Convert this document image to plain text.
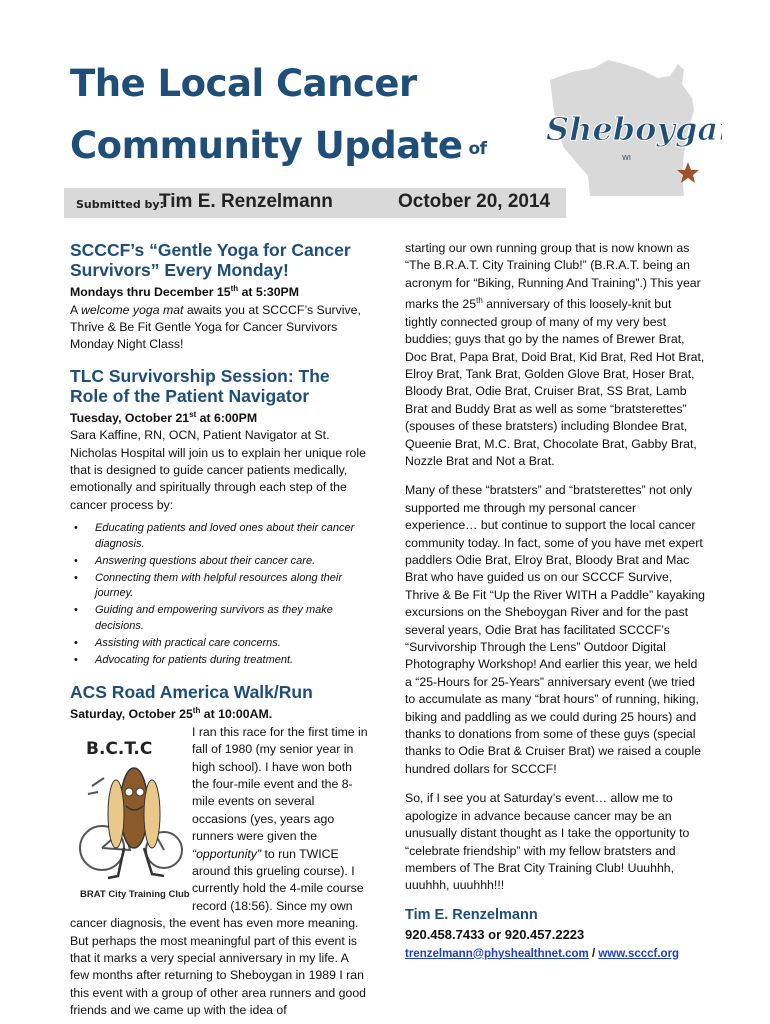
The Local Cancer
Community Update of
Sheboygan
WI
Submitted by:
Tim E. Renzelmann	October 20, 2014
SCCCF’s “Gentle Yoga for Cancer Survivors” Every Monday!
Mondays thru December 15th at 5:30PM

A welcome yoga mat awaits you at SCCCF’s Survive, Thrive & Be Fit Gentle Yoga for Cancer Survivors Monday Night Class!

TLC Survivorship Session: The Role of the Patient Navigator
Tuesday, October 21st at 6:00PM

Sara Kaffine, RN, OCN, Patient Navigator at St. Nicholas Hospital will join us to explain her unique role that is designed to guide cancer patients medically, emotionally and spiritually through each step of the cancer process by:

• Educating patients and loved ones about their cancer diagnosis.
• Answering questions about their cancer care.
• Connecting them with helpful resources along their journey.
• Guiding and empowering survivors as they make decisions.
• Assisting with practical care concerns.
• Advocating for patients during treatment.
ACS Road America Walk/Run
Saturday, October 25th at 10:00AM.
B.C.T.C
BRAT City Training Club

I ran this race for the first time in fall of 1980 (my senior year in high school). I have won both the four-mile event and the 8-mile events on several occasions (yes, years ago runners were given the “opportunity” to run TWICE around this grueling course). I currently hold the 4-mile course record (18:56). Since my own cancer diagnosis, the event has even more meaning. But perhaps the most meaningful part of this event is that it marks a very special anniversary in my life. A few months after returning to Sheboygan in 1989 I ran this event with a group of other area runners and good friends and we came up with the idea of

starting our own running group that is now known as “The B.R.A.T. City Training Club!” (B.R.A.T. being an acronym for “Biking, Running And Training”.) This year marks the 25th anniversary of this loosely-knit but tightly connected group of many of my very best buddies; guys that go by the names of Brewer Brat, Doc Brat, Papa Brat, Doid Brat, Kid Brat, Red Hot Brat, Elroy Brat, Tank Brat, Golden Glove Brat, Hoser Brat, Bloody Brat, Odie Brat, Cruiser Brat, SS Brat, Lamb Brat and Buddy Brat as well as some “bratsterettes” (spouses of these bratsters) including Blondee Brat, Queenie Brat, M.C. Brat, Chocolate Brat, Gabby Brat, Nozzle Brat and Not a Brat.

Many of these “bratsters” and “bratsterettes” not only supported me through my personal cancer experience… but continue to support the local cancer community today. In fact, some of you have met expert paddlers Odie Brat, Elroy Brat, Bloody Brat and Mac Brat who have guided us on our SCCCF Survive, Thrive & Be Fit “Up the River WITH a Paddle” kayaking excursions on the Sheboygan River and for the past several years, Odie Brat has facilitated SCCCF’s “Survivorship Through the Lens” Outdoor Digital Photography Workshop! And earlier this year, we held a “25-Hours for 25-Years” anniversary event (we tried to accumulate as many “brat hours” of running, hiking, biking and paddling as we could during 25 hours) and thanks to donations from some of these guys (special thanks to Odie Brat & Cruiser Brat) we raised a couple hundred dollars for SCCCF!

So, if I see you at Saturday’s event… allow me to apologize in advance because cancer may be an unusually distant thought as I take the opportunity to “celebrate friendship” with my fellow bratsters and members of The Brat City Training Club! Uuuhhh, uuuhhh, uuuhhh!!!

Tim E. Renzelmann
920.458.7433 or 920.457.2223
trenzelmann@physhealthnet.com / www.scccf.org
